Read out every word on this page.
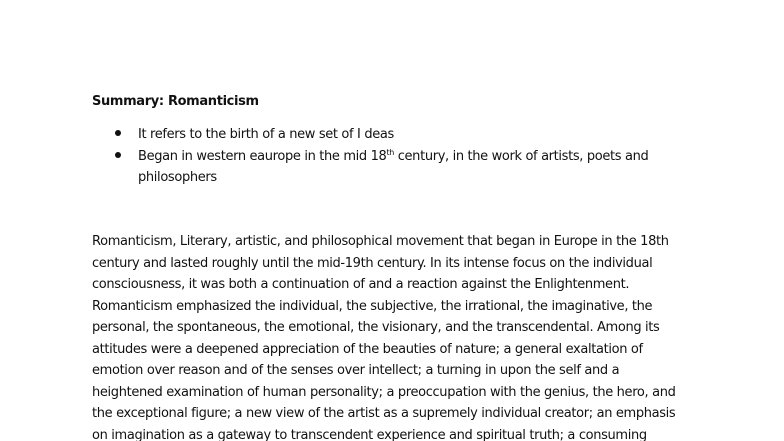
Summary: Romanticism
It refers to the birth of a new set of I deas
Began in western eaurope in the mid 18th century, in the work of artists, poets and
philosophers
Romanticism, Literary, artistic, and philosophical movement that began in Europe in the 18th
century and lasted roughly until the mid-19th century. In its intense focus on the individual
consciousness, it was both a continuation of and a reaction against the Enlightenment.
Romanticism emphasized the individual, the subjective, the irrational, the imaginative, the
personal, the spontaneous, the emotional, the visionary, and the transcendental. Among its
attitudes were a deepened appreciation of the beauties of nature; a general exaltation of
emotion over reason and of the senses over intellect; a turning in upon the self and a
heightened examination of human personality; a preoccupation with the genius, the hero, and
the exceptional figure; a new view of the artist as a supremely individual creator; an emphasis
on imagination as a gateway to transcendent experience and spiritual truth; a consuming
